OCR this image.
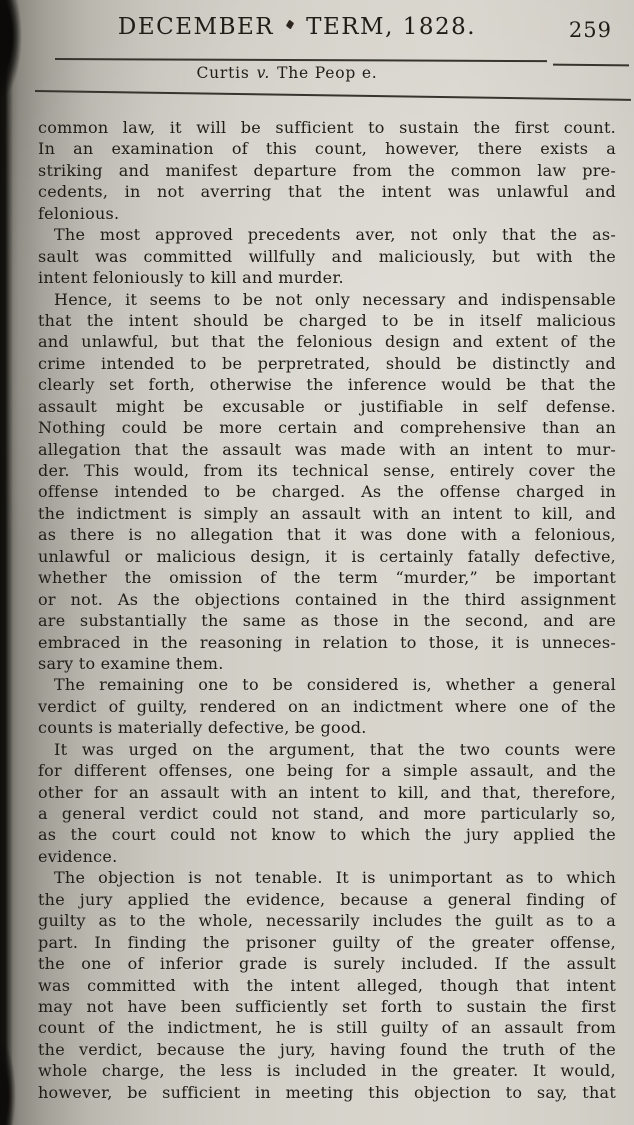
DECEMBER TERM, 1828.	259
Curtis v. The Peop e.
common law, it will be sufficient to sustain the first count.
In an examination of this count, however, there exists a
striking and manifest departure from the common law pre-
cedents, in not averring that the intent was unlawful and
felonious.
The most approved precedents aver, not only that the as-
sault was committed willfully and maliciously, but with the
intent feloniously to kill and murder.
Hence, it seems to be not only necessary and indispensable
that the intent should be charged to be in itself malicious
and unlawful, but that the felonious design and extent of the
crime intended to be perpretrated, should be distinctly and
clearly set forth, otherwise the inference would be that the
assault might be excusable or justifiable in self defense.
Nothing could be more certain and comprehensive than an
allegation that the assault was made with an intent to mur-
der. This would, from its technical sense, entirely cover the
offense intended to be charged. As the offense charged in
the indictment is simply an assault with an intent to kill, and
as there is no allegation that it was done with a felonious,
unlawful or malicious design, it is certainly fatally defective,
whether the omission of the term “murder,” be important
or not. As the objections contained in the third assignment
are substantially the same as those in the second, and are
embraced in the reasoning in relation to those, it is unneces-
sary to examine them.
The remaining one to be considered is, whether a general
verdict of guilty, rendered on an indictment where one of the
counts is materially defective, be good.
It was urged on the argument, that the two counts were
for different offenses, one being for a simple assault, and the
other for an assault with an intent to kill, and that, therefore,
a general verdict could not stand, and more particularly so,
as the court could not know to which the jury applied the
evidence.
The objection is not tenable. It is unimportant as to which
the jury applied the evidence, because a general finding of
guilty as to the whole, necessarily includes the guilt as to a
part. In finding the prisoner guilty of the greater offense,
the one of inferior grade is surely included. If the assult
was committed with the intent alleged, though that intent
may not have been sufficiently set forth to sustain the first
count of the indictment, he is still guilty of an assault from
the verdict, because the jury, having found the truth of the
whole charge, the less is included in the greater. It would,
however, be sufficient in meeting this objection to say, that
